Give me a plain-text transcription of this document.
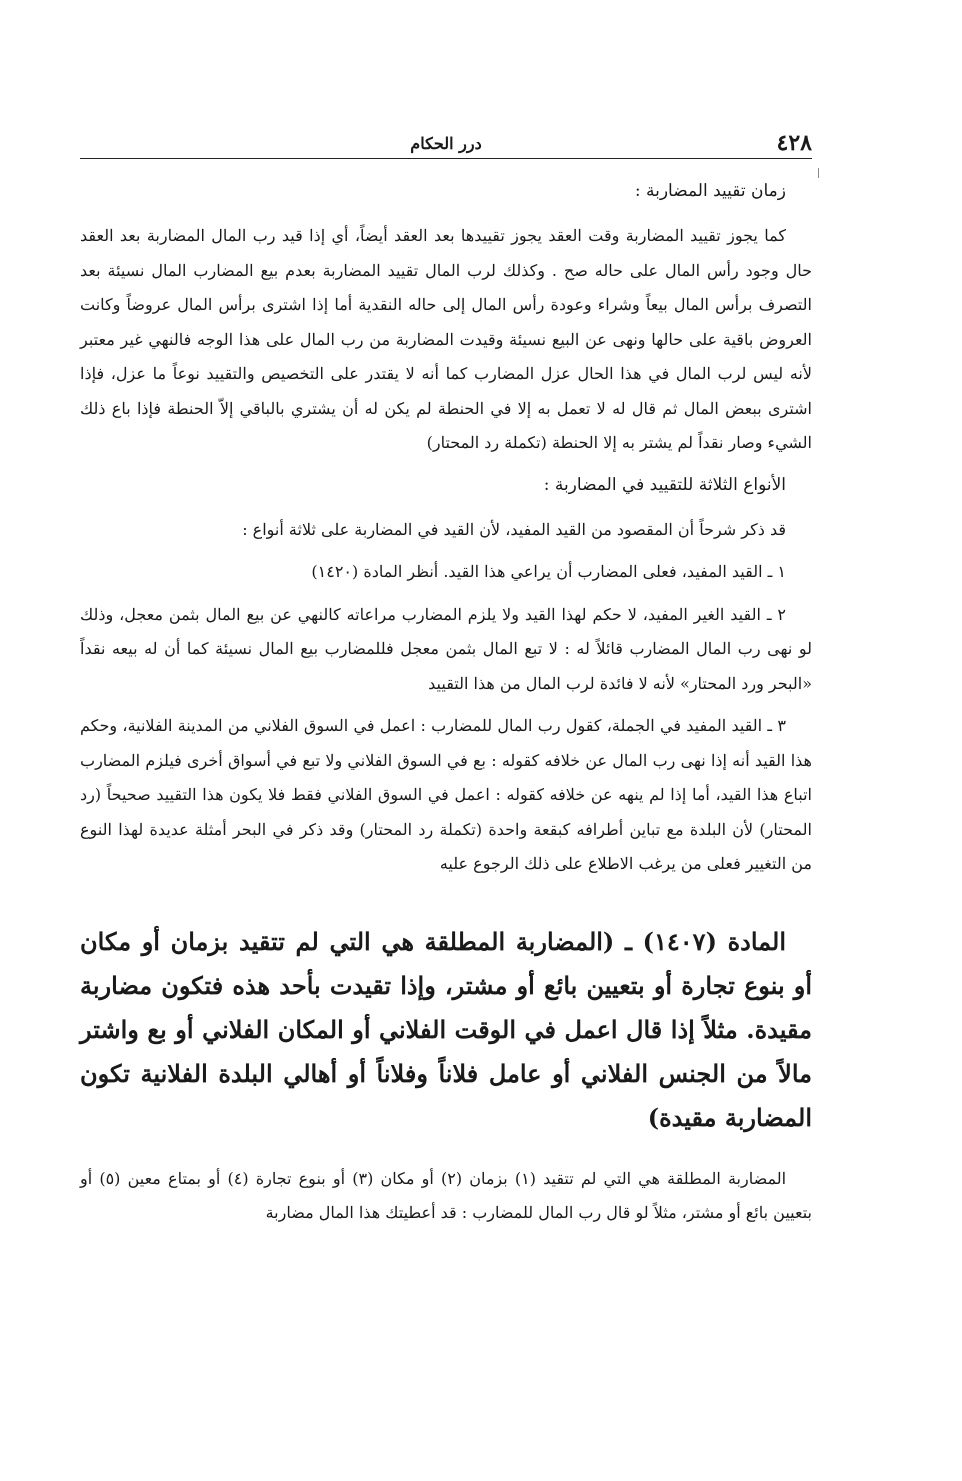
٤٢٨
درر الحكام
زمان تقييد المضاربة :

كما يجوز تقييد المضاربة وقت العقد يجوز تقييدها بعد العقد أيضاً، أي إذا قيد رب المال المضاربة بعد العقد حال وجود رأس المال على حاله صح . وكذلك لرب المال تقييد المضاربة بعدم بيع المضارب المال نسيئة بعد التصرف برأس المال بيعاً وشراء وعودة رأس المال إلى حاله النقدية أما إذا اشترى برأس المال عروضاً وكانت العروض باقية على حالها ونهى عن البيع نسيئة وقيدت المضاربة من رب المال على هذا الوجه فالنهي غير معتبر لأنه ليس لرب المال في هذا الحال عزل المضارب كما أنه لا يقتدر على التخصيص والتقييد نوعاً ما عزل، فإذا اشترى ببعض المال ثم قال له لا تعمل به إلا في الحنطة لم يكن له أن يشتري بالباقي إلاّ الحنطة فإذا باع ذلك الشيء وصار نقداً لم يشتر به إلا الحنطة (تكملة رد المحتار)

الأنواع الثلاثة للتقييد في المضاربة :

قد ذكر شرحاً أن المقصود من القيد المفيد، لأن القيد في المضاربة على ثلاثة أنواع :

١ ـ القيد المفيد، فعلى المضارب أن يراعي هذا القيد. أنظر المادة (١٤٢٠)

٢ ـ القيد الغير المفيد، لا حكم لهذا القيد ولا يلزم المضارب مراعاته كالنهي عن بيع المال بثمن معجل، وذلك لو نهى رب المال المضارب قائلاً له : لا تبع المال بثمن معجل فللمضارب بيع المال نسيئة كما أن له بيعه نقداً «البحر ورد المحتار» لأنه لا فائدة لرب المال من هذا التقييد

٣ ـ القيد المفيد في الجملة، كقول رب المال للمضارب : اعمل في السوق الفلاني من المدينة الفلانية، وحكم هذا القيد أنه إذا نهى رب المال عن خلافه كقوله : بع في السوق الفلاني ولا تبع في أسواق أخرى فيلزم المضارب اتباع هذا القيد، أما إذا لم ينهه عن خلافه كقوله : اعمل في السوق الفلاني فقط فلا يكون هذا التقييد صحيحاً (رد المحتار) لأن البلدة مع تباين أطرافه كبقعة واحدة (تكملة رد المحتار) وقد ذكر في البحر أمثلة عديدة لهذا النوع من التغيير فعلى من يرغب الاطلاع على ذلك الرجوع عليه

المادة (١٤٠٧) ـ (المضاربة المطلقة هي التي لم تتقيد بزمان أو مكان أو بنوع تجارة أو بتعيين بائع أو مشتر، وإذا تقيدت بأحد هذه فتكون مضاربة مقيدة. مثلاً إذا قال اعمل في الوقت الفلاني أو المكان الفلاني أو بع واشتر مالاً من الجنس الفلاني أو عامل فلاناً وفلاناً أو أهالي البلدة الفلانية تكون المضاربة مقيدة)

المضاربة المطلقة هي التي لم تتقيد (١) بزمان (٢) أو مكان (٣) أو بنوع تجارة (٤) أو بمتاع معين (٥) أو بتعيين بائع أو مشتر، مثلاً لو قال رب المال للمضارب : قد أعطيتك هذا المال مضاربة
